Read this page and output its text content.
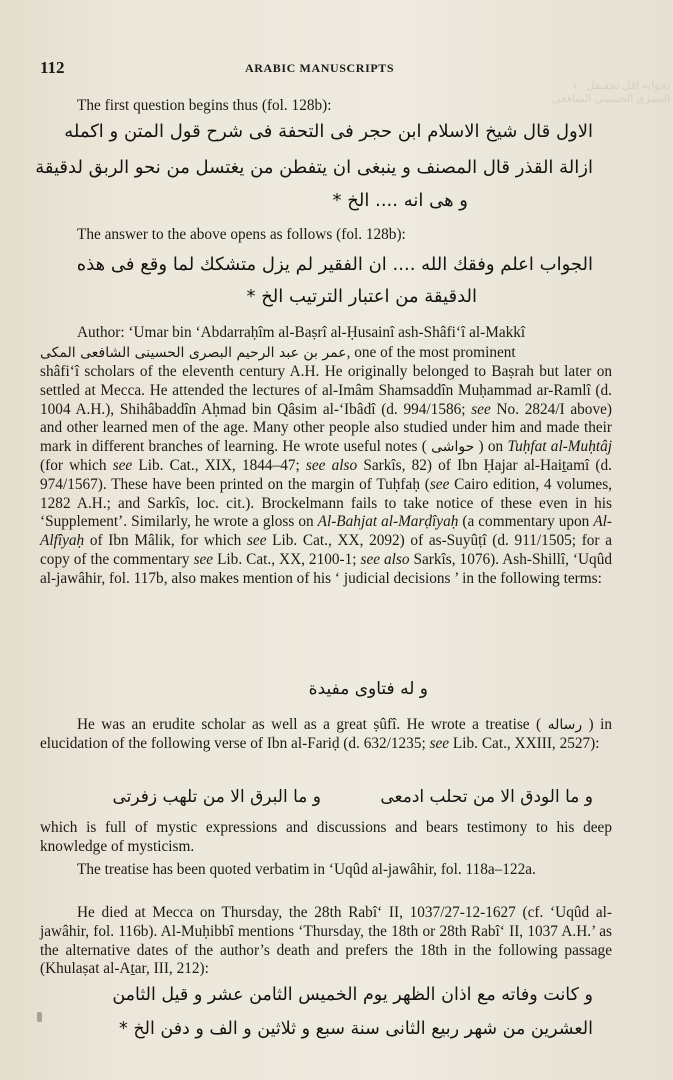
تحوایہ اقل تحقیقل ۱۰
البصری الحسینی الشافعی
112	ARABIC MANUSCRIPTS
The first question begins thus (fol. 128b):
الاول قال شيخ الاسلام ابن حجر فی التحفة فی شرح قول المتن و اكمله
ازالة القذر قال المصنف و ينبغى ان يتفطن من يغتسل من نحو الربق لدقيقة
و هى انه .... الخ *
The answer to the above opens as follows (fol. 128b):
الجواب اعلم وفقك الله .... ان الفقير لم يزل متشكك لما وقع فى هذه
الدقيقة من اعتبار الترتيب الخ *
Author: ‘Umar bin ‘Abdarraḥîm al-Baṣrî al-Ḥusainî ash-Shâfi‘î al-Makkî
عمر بن عبد الرحيم البصرى الحسينى الشافعى المكى, one of the most prominent
shâfi‘î scholars of the eleventh century A.H. He originally belonged to Baṣrah but later on settled at Mecca. He attended the lectures of al-Imâm Shamsaddîn Muḥammad ar-Ramlî (d. 1004 A.H.), Shihâbaddîn Aḥmad bin Qâsim al-‘Ibâdî (d. 994/1586; see No. 2824/I above) and other learned men of the age. Many other people also studied under him and made their mark in different branches of learning. He wrote useful notes ( حواشى ) on Tuḥfat al-Muḥtâj (for which see Lib. Cat., XIX, 1844–47; see also Sarkîs, 82) of Ibn Ḥajar al-Haiṯamî (d. 974/1567). These have been printed on the margin of Tuḥfaḥ (see Cairo edition, 4 volumes, 1282 A.H.; and Sarkîs, loc. cit.). Brockelmann fails to take notice of these even in his ‘Supplement’. Similarly, he wrote a gloss on Al-Bahjat al-Marḍîyaḥ (a commentary upon Al-Alfîyaḥ of Ibn Mâlik, for which see Lib. Cat., XX, 2092) of as-Suyûṭî (d. 911/1505; for a copy of the commentary see Lib. Cat., XX, 2100-1; see also Sarkîs, 1076). Ash-Shillî, ‘Uqûd al-jawâhir, fol. 117b, also makes mention of his ‘ judicial decisions ’ in the following terms:
و له فتاوى مفيدة
He was an erudite scholar as well as a great ṣûfî. He wrote a treatise ( رساله ) in elucidation of the following verse of Ibn al-Fariḍ (d. 632/1235; see Lib. Cat., XXIII, 2527):
و ما الودق الا من تحلب ادمعى
و ما البرق الا من تلهب زفرتى
which is full of mystic expressions and discussions and bears testimony to his deep knowledge of mysticism.
The treatise has been quoted verbatim in ‘Uqûd al-jawâhir, fol. 118a–122a.
He died at Mecca on Thursday, the 28th Rabî‘ II, 1037/27-12-1627 (cf. ‘Uqûd al-jawâhir, fol. 116b). Al-Muḥibbî mentions ‘Thursday, the 18th or 28th Rabî‘ II, 1037 A.H.’ as the alternative dates of the author’s death and prefers the 18th in the following passage (Khulaṣat al-Aṯar, III, 212):
و كانت وفاته مع اذان الظهر يوم الخميس الثامن عشر و قيل الثامن
العشرين من شهر ربيع الثانى سنة سبع و ثلاثين و الف و دفن الخ *
